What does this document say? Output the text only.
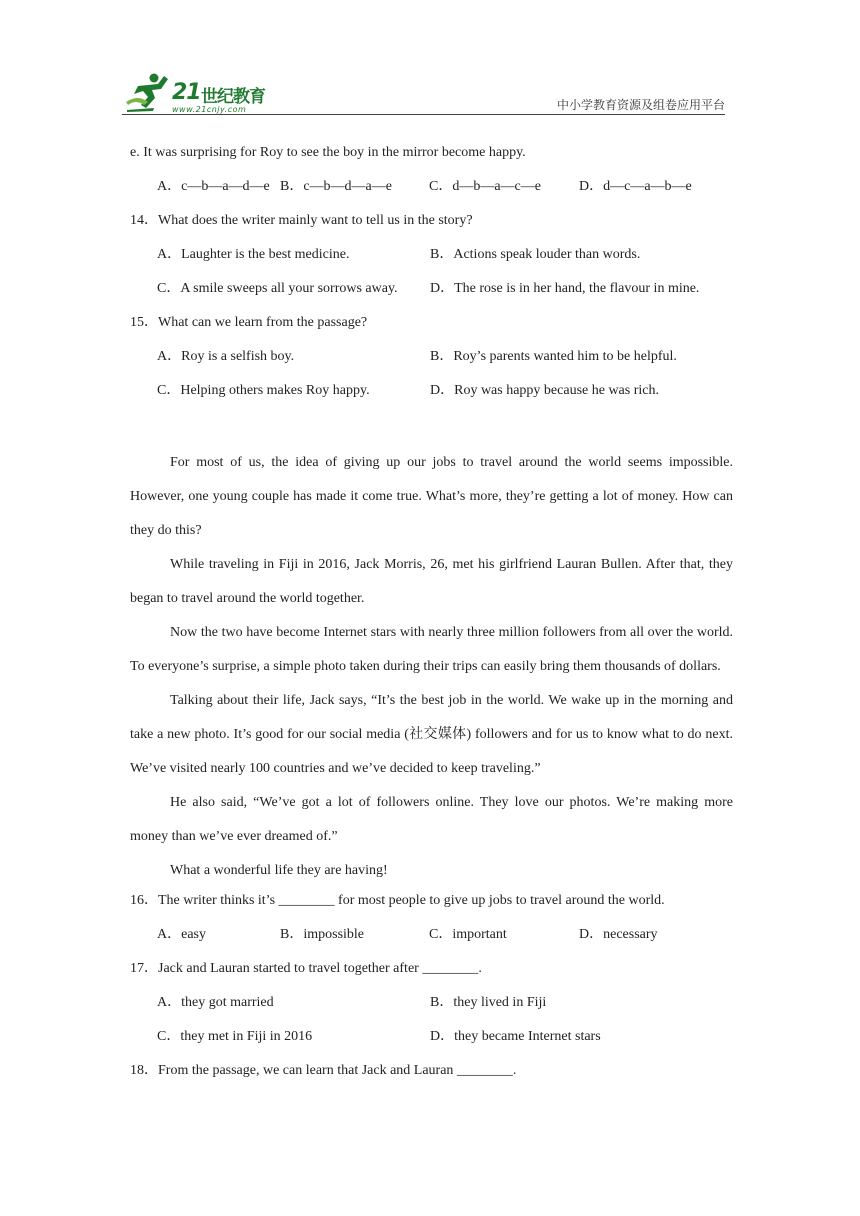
21 世纪教育
www.21cnjy.com	中小学教育资源及组卷应用平台
e. It was surprising for Roy to see the boy in the mirror become happy.
A．c—b—a—d—e B．c—b—d—a—e	C．d—b—a—c—e	D．d—c—a—b—e
14．What does the writer mainly want to tell us in the story?
A．Laughter is the best medicine.	B．Actions speak louder than words.
C．A smile sweeps all your sorrows away.	D．The rose is in her hand, the flavour in mine.
15．What can we learn from the passage?
A．Roy is a selfish boy.	B．Roy’s parents wanted him to be helpful.
C．Helping others makes Roy happy.	D．Roy was happy because he was rich.

For most of us, the idea of giving up our jobs to travel around the world seems impossible. However, one young couple has made it come true. What’s more, they’re getting a lot of money. How can they do this?

While traveling in Fiji in 2016, Jack Morris, 26, met his girlfriend Lauran Bullen. After that, they began to travel around the world together.

Now the two have become Internet stars with nearly three million followers from all over the world. To everyone’s surprise, a simple photo taken during their trips can easily bring them thousands of dollars.

Talking about their life, Jack says, “It’s the best job in the world. We wake up in the morning and take a new photo. It’s good for our social media (社交媒体) followers and for us to know what to do next. We’ve visited nearly 100 countries and we’ve decided to keep traveling.”

He also said, “We’ve got a lot of followers online. They love our photos. We’re making more money than we’ve ever dreamed of.”

What a wonderful life they are having!

16．The writer thinks it’s ________ for most people to give up jobs to travel around the world.
A．easy	B．impossible	C．important	D．necessary
17．Jack and Lauran started to travel together after ________.
A．they got married	B．they lived in Fiji
C．they met in Fiji in 2016	D．they became Internet stars
18．From the passage, we can learn that Jack and Lauran ________.
